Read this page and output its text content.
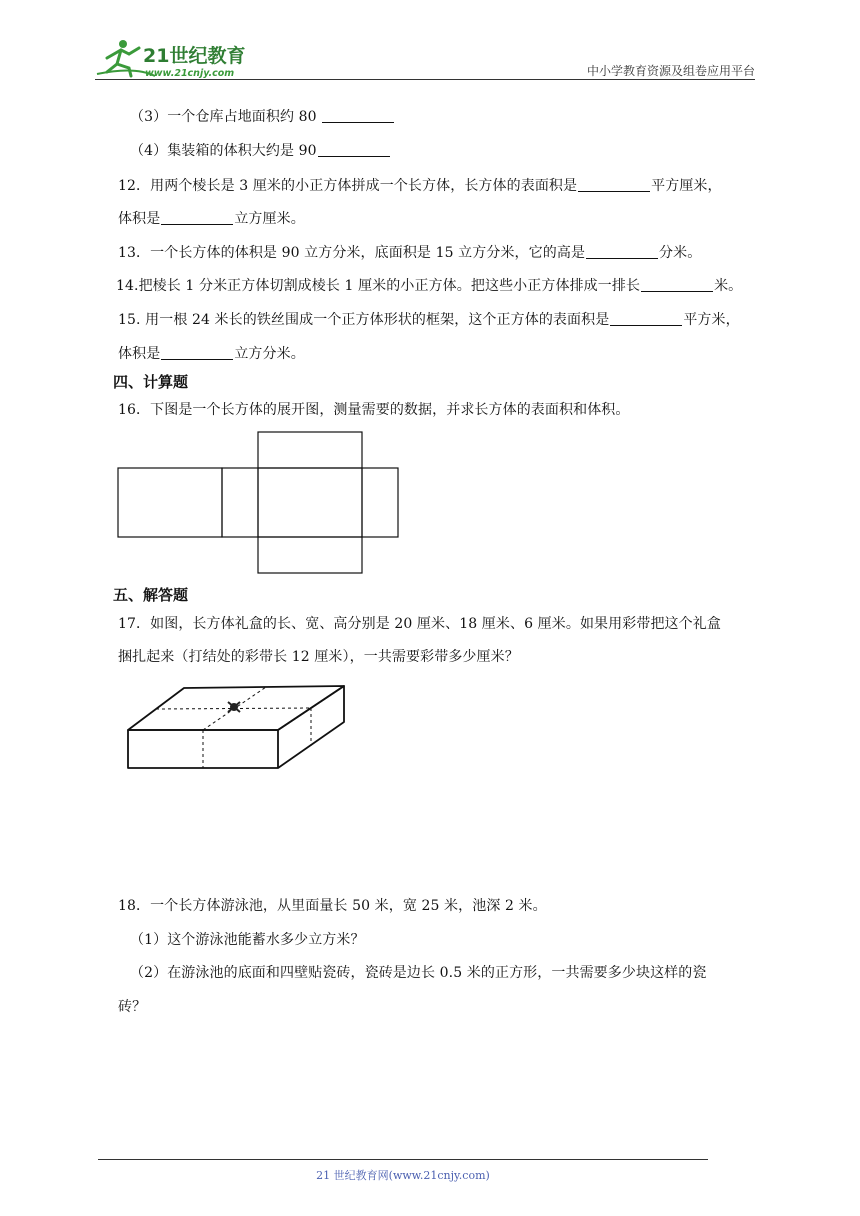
21世纪教育
www.21cnjy.com	中小学教育资源及组卷应用平台
（3）一个仓库占地面积约 80
（4）集装箱的体积大约是 90
12．用两个棱长是 3 厘米的小正方体拼成一个长方体，长方体的表面积是	平方厘米，
体积是	立方厘米。
13．一个长方体的体积是 90 立方分米，底面积是 15 立方分米，它的高是	分米。
14.把棱长 1 分米正方体切割成棱长 1 厘米的小正方体。把这些小正方体排成一排长	米。
15. 用一根 24 米长的铁丝围成一个正方体形状的框架，这个正方体的表面积是	平方米，
体积是	立方分米。
四、计算题
16．下图是一个长方体的展开图，测量需要的数据，并求长方体的表面积和体积。
五、解答题
17．如图，长方体礼盒的长、宽、高分别是 20 厘米、18 厘米、6 厘米。如果用彩带把这个礼盒
捆扎起来（打结处的彩带长 12 厘米），一共需要彩带多少厘米？
18．一个长方体游泳池，从里面量长 50 米，宽 25 米，池深 2 米。
（1）这个游泳池能蓄水多少立方米？
（2）在游泳池的底面和四壁贴瓷砖，瓷砖是边长 0.5 米的正方形，一共需要多少块这样的瓷
砖？
21 世纪教育网(www.21cnjy.com)
